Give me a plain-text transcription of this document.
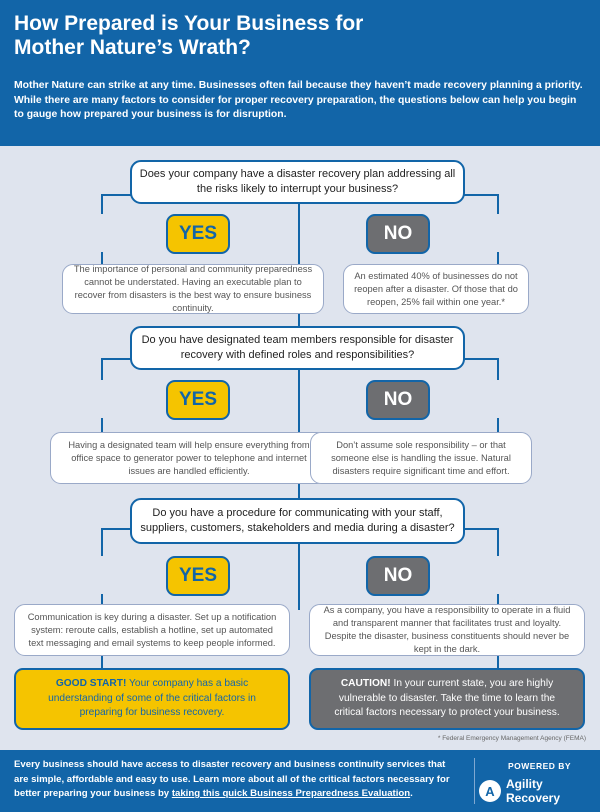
How Prepared is Your Business for Mother Nature’s Wrath?
Mother Nature can strike at any time. Businesses often fail because they haven’t made recovery planning a priority. While there are many factors to consider for proper recovery preparation, the questions below can help you begin to gauge how prepared your business is for disruption.
Does your company have a disaster recovery plan addressing all the risks likely to interrupt your business?
YES	NO
The importance of personal and community preparedness cannot be understated. Having an executable plan to recover from disasters is the best way to ensure business continuity.
An estimated 40% of businesses do not reopen after a disaster. Of those that do reopen, 25% fail within one year.*
Do you have designated team members responsible for disaster recovery with defined roles and responsibilities?
YES	NO
Having a designated team will help ensure everything from office space to generator power to telephone and internet issues are handled efficiently.
Don’t assume sole responsibility – or that someone else is handling the issue. Natural disasters require significant time and effort.
Do you have a procedure for communicating with your staff, suppliers, customers, stakeholders and media during a disaster?
YES	NO
Communication is key during a disaster. Set up a notification system: reroute calls, establish a hotline, set up automated text messaging and email systems to keep people informed.
As a company, you have a responsibility to operate in a fluid and transparent manner that facilitates trust and loyalty. Despite the disaster, business constituents should never be kept in the dark.
GOOD START! Your company has a basic understanding of some of the critical factors in preparing for business recovery.
CAUTION! In your current state, you are highly vulnerable to disaster. Take the time to learn the critical factors necessary to protect your business.
* Federal Emergency Management Agency (FEMA)
Every business should have access to disaster recovery and business continuity services that are simple, affordable and easy to use. Learn more about all of the critical factors necessary for better preparing your business by taking this quick Business Preparedness Evaluation.
POWERED BY
A Agility Recovery
